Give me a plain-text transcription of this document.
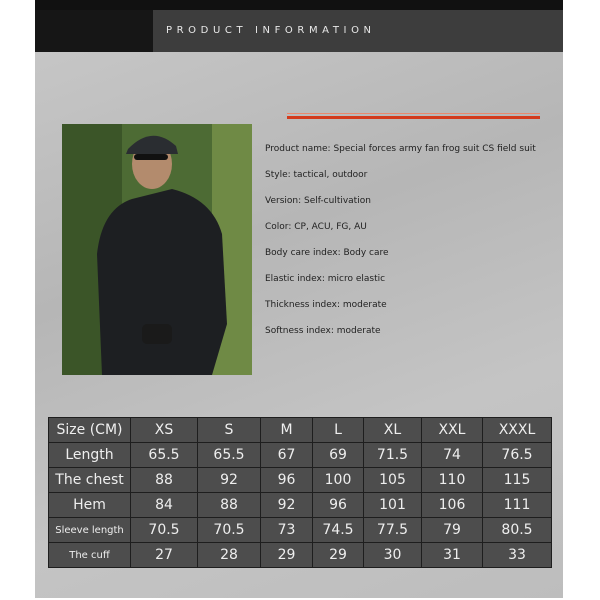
PRODUCT INFORMATION
Product name: Special forces army fan frog suit CS field suit
Style: tactical, outdoor
Version: Self-cultivation
Color: CP, ACU, FG, AU
Body care index: Body care
Elastic index: micro elastic
Thickness index: moderate
Softness index: moderate
Size (CM)	XS	S	M	L	XL	XXL	XXXL
Length	65.5	65.5	67	69	71.5	74	76.5
The chest	88	92	96	100	105	110	115
Hem	84	88	92	96	101	106	111
Sleeve length	70.5	70.5	73	74.5	77.5	79	80.5
The cuff	27	28	29	29	30	31	33
